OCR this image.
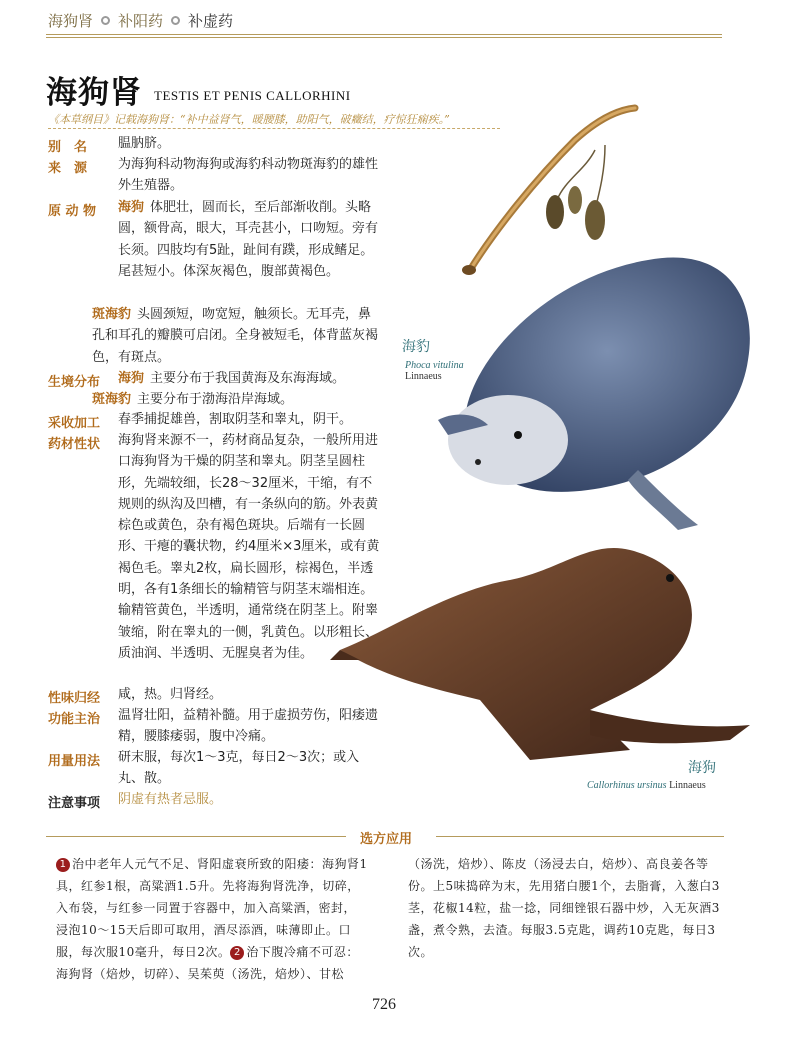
海狗肾 补阳药 补虚药
海狗肾 TESTIS ET PENIS CALLORHINI
《本草纲目》记载海狗肾：“补中益肾气，暖腰膝，助阳气，破癥结，疗惊狂痫疾。”
别　名 腽肭脐。
来　源 为海狗科动物海狗或海豹科动物斑海豹的雄性外生殖器。
原 动 物 海狗 体肥壮，圆而长，至后部渐收削。头略圆，额骨高，眼大，耳壳甚小，口吻短。旁有长须。四肢均有5趾，趾间有蹼，形成鳍足。尾甚短小。体深灰褐色，腹部黄褐色。
斑海豹 头圆颈短，吻宽短，触须长。无耳壳，鼻孔和耳孔的瓣膜可启闭。全身被短毛，体背蓝灰褐色，有斑点。
生境分布 海狗 主要分布于我国黄海及东海海域。
斑海豹 主要分布于渤海沿岸海域。
采收加工 春季捕捉雄兽，割取阴茎和睾丸，阴干。
药材性状 海狗肾来源不一，药材商品复杂，一般所用进口海狗肾为干燥的阴茎和睾丸。阴茎呈圆柱形，先端较细，长28～32厘米，干缩，有不规则的纵沟及凹槽，有一条纵向的筋。外表黄棕色或黄色，杂有褐色斑块。后端有一长圆形、干瘪的囊状物，约4厘米×3厘米，或有黄褐色毛。睾丸2枚，扁长圆形，棕褐色，半透明，各有1条细长的输精管与阴茎末端相连。输精管黄色，半透明，通常绕在阴茎上。附睾皱缩，附在睾丸的一侧，乳黄色。以形粗长、质油润、半透明、无腥臭者为佳。
性味归经 咸，热。归肾经。
功能主治 温肾壮阳，益精补髓。用于虚损劳伤，阳痿遗精，腰膝痿弱，腹中冷痛。
用量用法 研末服，每次1～3克，每日2～3次；或入丸、散。
注意事项 阴虚有热者忌服。
海豹
Phoca vitulina
Linnaeus
海狗
Callorhinus ursinus Linnaeus
选方应用
1 治中老年人元气不足、肾阳虚衰所致的阳痿：海狗肾1具，红参1根，高粱酒1.5升。先将海狗肾洗净，切碎，入布袋，与红参一同置于容器中，加入高粱酒，密封，浸泡10～15天后即可取用，酒尽添酒，味薄即止。口服，每次服10毫升，每日2次。 2 治下腹冷痛不可忍：海狗肾（焙炒，切碎）、吴茱萸（汤洗，焙炒）、甘松
（汤洗，焙炒）、陈皮（汤浸去白，焙炒）、高良姜各等份。上5味捣碎为末，先用猪白腰1个，去脂膏，入葱白3茎，花椒14粒，盐一捻，同细锉银石器中炒，入无灰酒3盏，煮令熟，去渣。每服3.5克匙，调药10克匙，每日3次。
726
